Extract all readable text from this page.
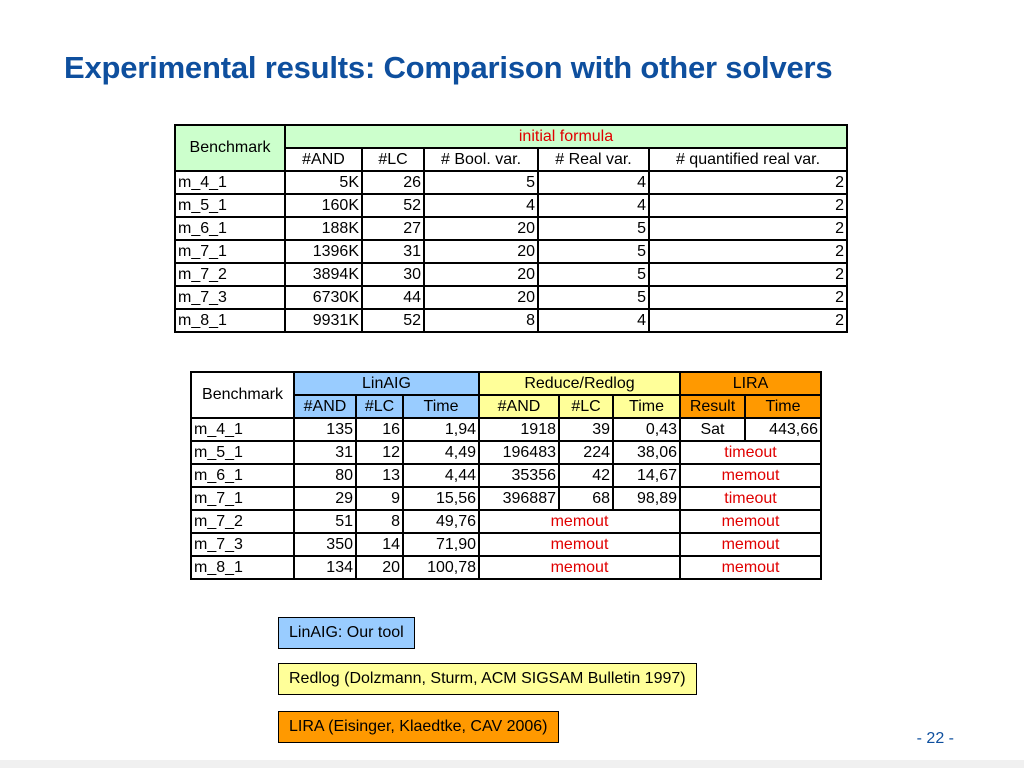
Experimental results: Comparison with other solvers
Benchmark	initial formula				
	#AND	#LC	# Bool. var.	# Real var.	# quantified real var.
m_4_1	5K	26	5	4	2
m_5_1	160K	52	4	4	2
m_6_1	188K	27	20	5	2
m_7_1	1396K	31	20	5	2
m_7_2	3894K	30	20	5	2
m_7_3	6730K	44	20	5	2
m_8_1	9931K	52	8	4	2
Benchmark	LinAIG			Reduce/Redlog			LIRA	
	#AND	#LC	Time	#AND	#LC	Time	Result	Time
m_4_1	135	16	1,94	1918	39	0,43	Sat	443,66
m_5_1	31	12	4,49	196483	224	38,06	timeout	
m_6_1	80	13	4,44	35356	42	14,67	memout	
m_7_1	29	9	15,56	396887	68	98,89	timeout	
m_7_2	51	8	49,76	memout			memout	
m_7_3	350	14	71,90	memout			memout	
m_8_1	134	20	100,78	memout			memout	
LinAIG: Our tool
Redlog (Dolzmann, Sturm, ACM SIGSAM Bulletin 1997)
LIRA (Eisinger, Klaedtke, CAV 2006)
- 22 -
